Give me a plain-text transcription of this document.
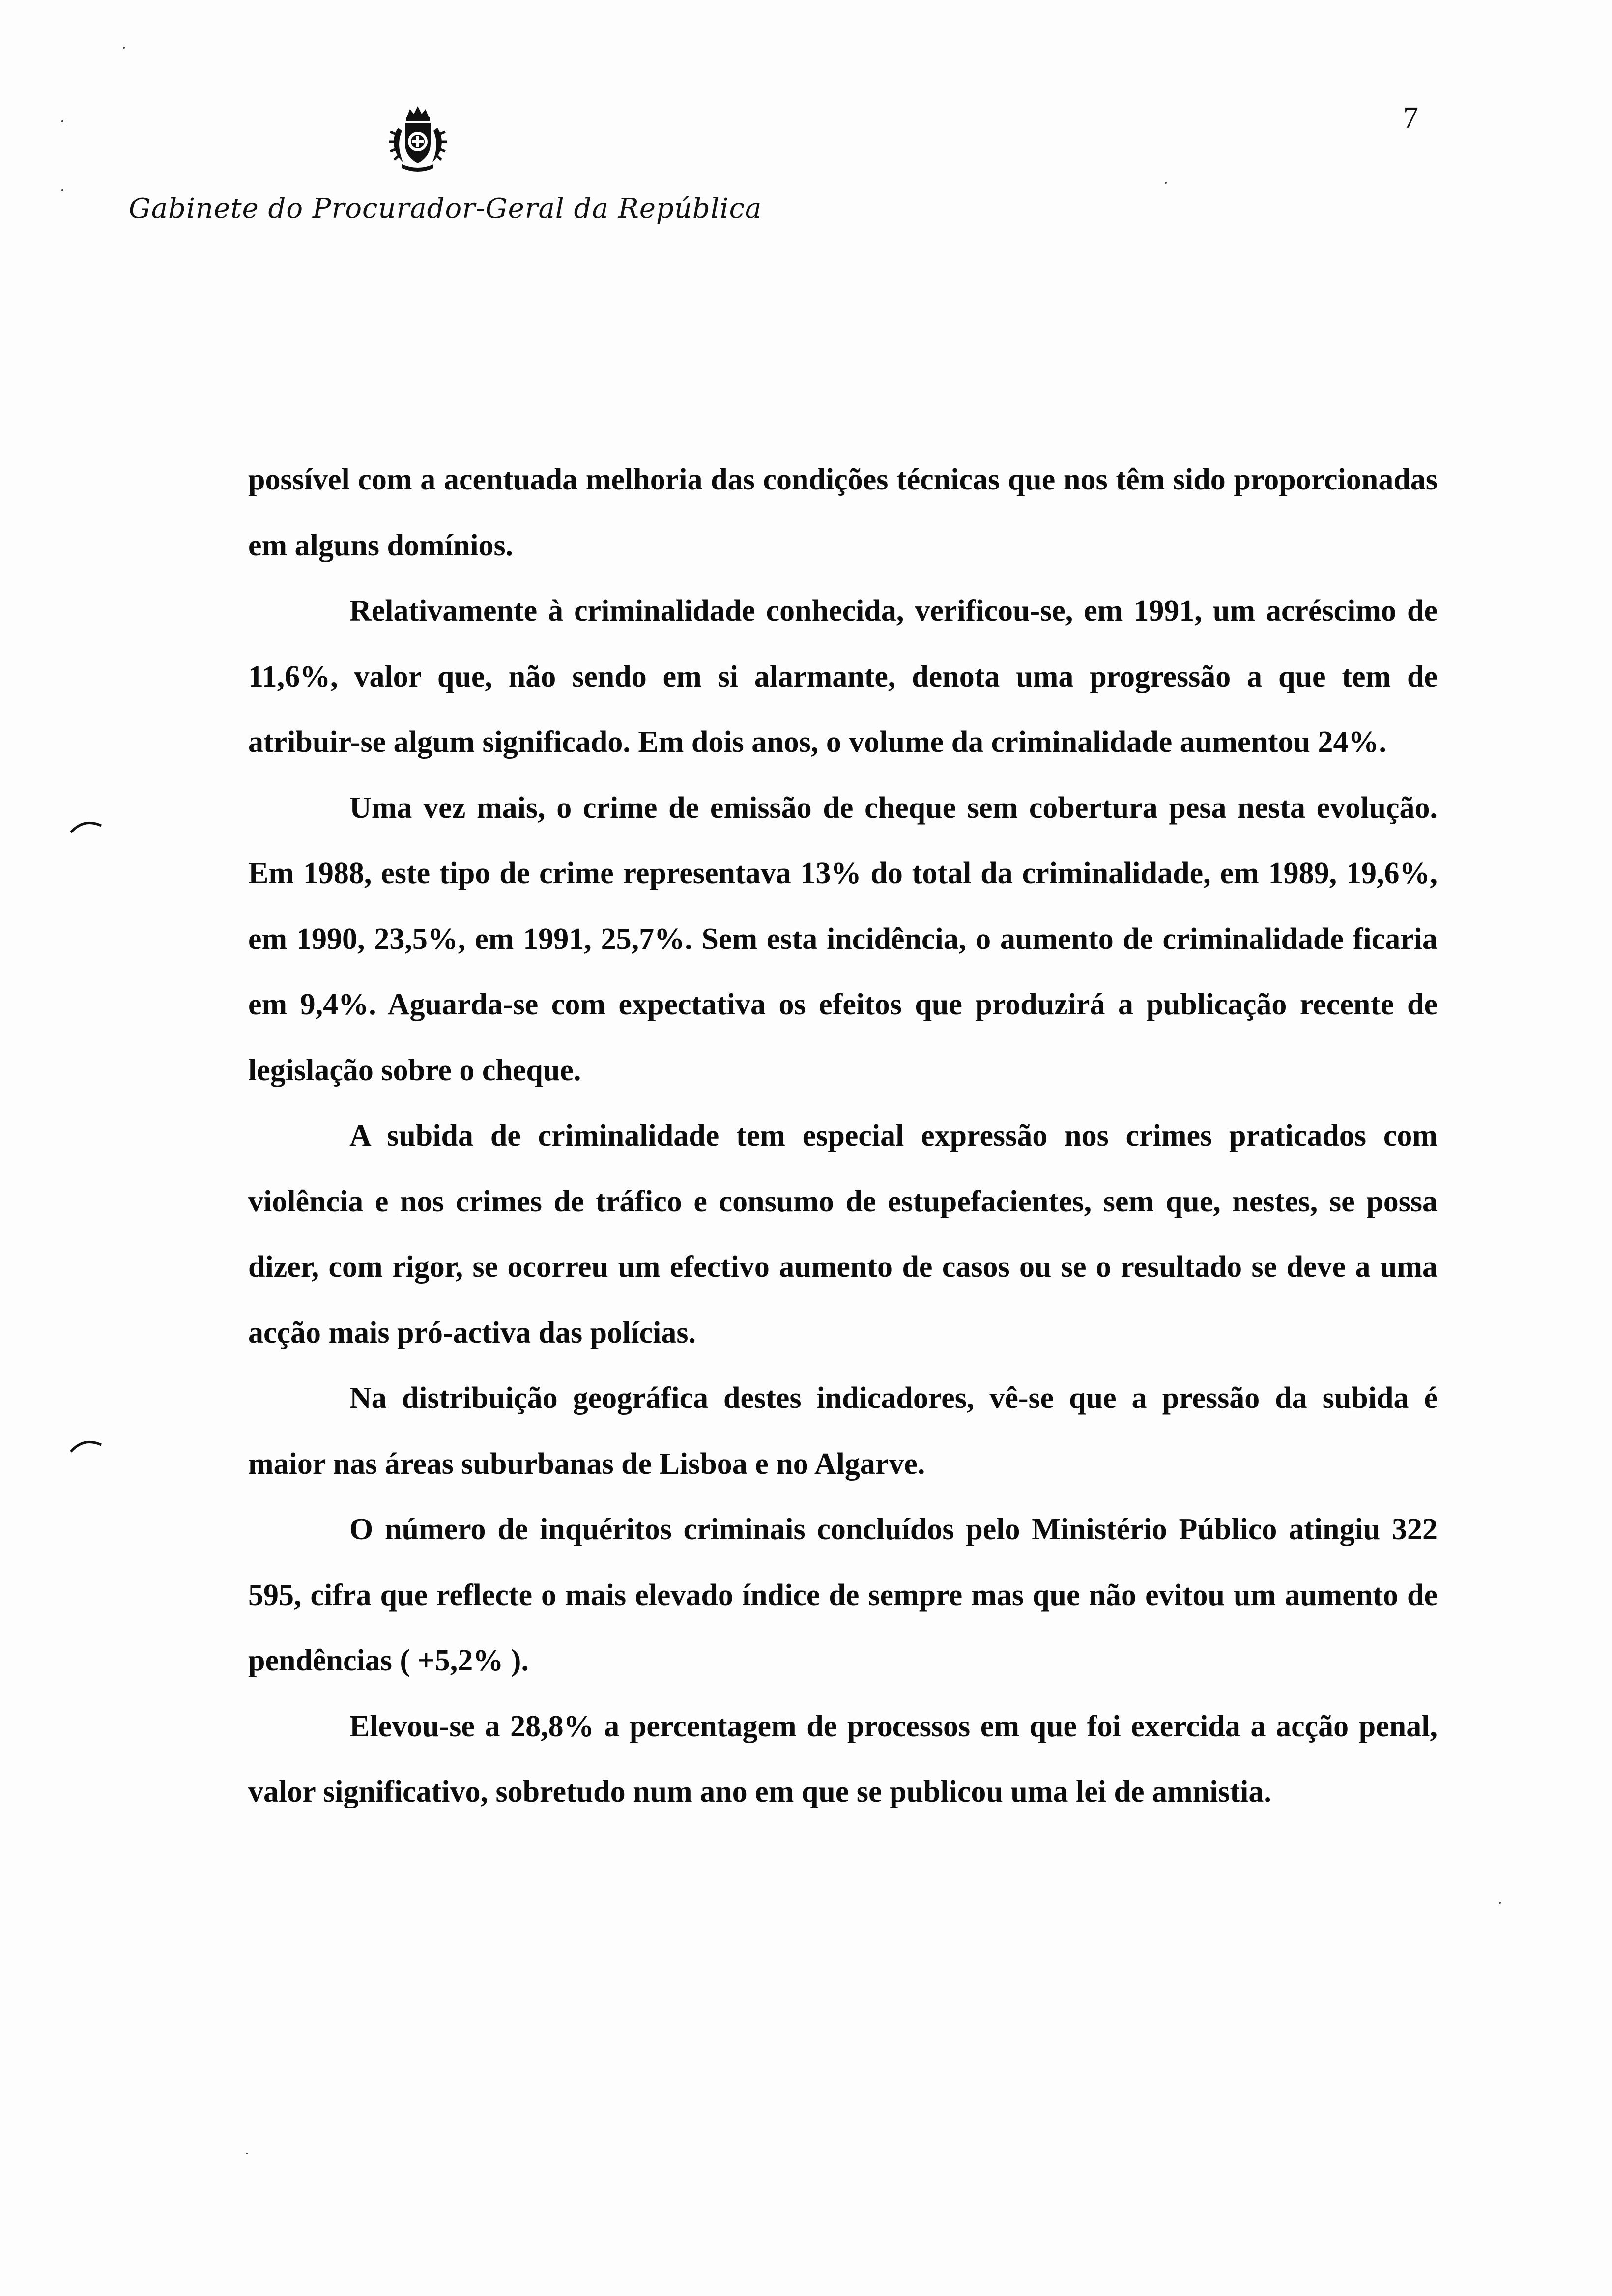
7
Gabinete do Procurador-Geral da República

possível com a acentuada melhoria das condições técnicas que nos têm sido proporcionadas em alguns domínios.

Relativamente à criminalidade conhecida, verificou-se, em 1991, um acréscimo de 11,6%, valor que, não sendo em si alarmante, denota uma progressão a que tem de atribuir-se algum significado. Em dois anos, o volume da criminalidade aumentou 24%.

Uma vez mais, o crime de emissão de cheque sem cobertura pesa nesta evolução. Em 1988, este tipo de crime representava 13% do total da criminalidade, em 1989, 19,6%, em 1990, 23,5%, em 1991, 25,7%. Sem esta incidência, o aumento de criminalidade ficaria em 9,4%. Aguarda-se com expectativa os efeitos que produzirá a publicação recente de legislação sobre o cheque.

A subida de criminalidade tem especial expressão nos crimes praticados com violência e nos crimes de tráfico e consumo de estupefacientes, sem que, nestes, se possa dizer, com rigor, se ocorreu um efectivo aumento de casos ou se o resultado se deve a uma acção mais pró-activa das polícias.

Na distribuição geográfica destes indicadores, vê-se que a pressão da subida é maior nas áreas suburbanas de Lisboa e no Algarve.

O número de inquéritos criminais concluídos pelo Ministério Público atingiu 322 595, cifra que reflecte o mais elevado índice de sempre mas que não evitou um aumento de pendências ( +5,2% ).

Elevou-se a 28,8% a percentagem de processos em que foi exercida a acção penal, valor significativo, sobretudo num ano em que se publicou uma lei de amnistia.
